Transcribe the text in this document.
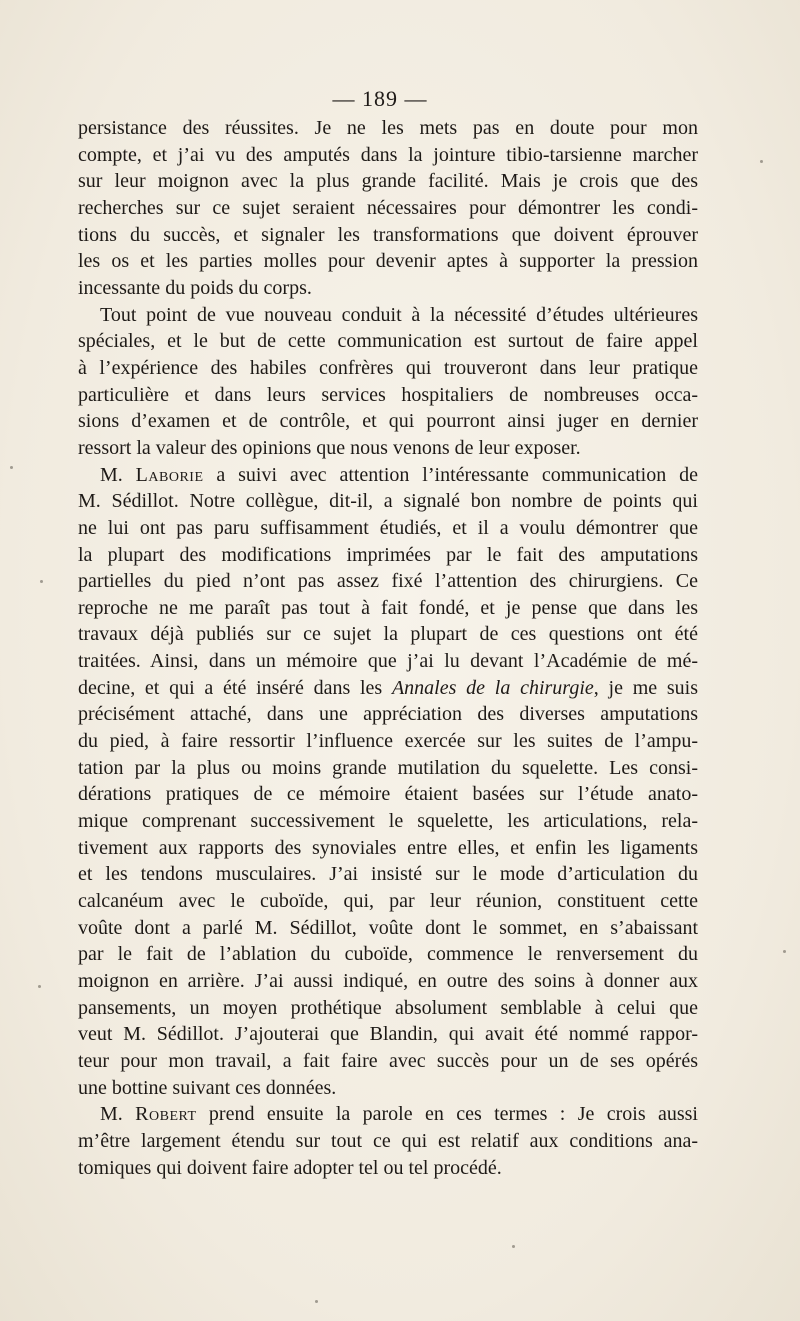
— 189 —

persistance des réussites. Je ne les mets pas en doute pour mon
compte, et j’ai vu des amputés dans la jointure tibio-tarsienne marcher
sur leur moignon avec la plus grande facilité. Mais je crois que des
recherches sur ce sujet seraient nécessaires pour démontrer les condi-
tions du succès, et signaler les transformations que doivent éprouver
les os et les parties molles pour devenir aptes à supporter la pression
incessante du poids du corps.

Tout point de vue nouveau conduit à la nécessité d’études ultérieures
spéciales, et le but de cette communication est surtout de faire appel
à l’expérience des habiles confrères qui trouveront dans leur pratique
particulière et dans leurs services hospitaliers de nombreuses occa-
sions d’examen et de contrôle, et qui pourront ainsi juger en dernier
ressort la valeur des opinions que nous venons de leur exposer.

M. Laborie a suivi avec attention l’intéressante communication de
M. Sédillot. Notre collègue, dit-il, a signalé bon nombre de points qui
ne lui ont pas paru suffisamment étudiés, et il a voulu démontrer que
la plupart des modifications imprimées par le fait des amputations
partielles du pied n’ont pas assez fixé l’attention des chirurgiens. Ce
reproche ne me paraît pas tout à fait fondé, et je pense que dans les
travaux déjà publiés sur ce sujet la plupart de ces questions ont été
traitées. Ainsi, dans un mémoire que j’ai lu devant l’Académie de mé-
decine, et qui a été inséré dans les Annales de la chirurgie, je me suis
précisément attaché, dans une appréciation des diverses amputations
du pied, à faire ressortir l’influence exercée sur les suites de l’ampu-
tation par la plus ou moins grande mutilation du squelette. Les consi-
dérations pratiques de ce mémoire étaient basées sur l’étude anato-
mique comprenant successivement le squelette, les articulations, rela-
tivement aux rapports des synoviales entre elles, et enfin les ligaments
et les tendons musculaires. J’ai insisté sur le mode d’articulation du
calcanéum avec le cuboïde, qui, par leur réunion, constituent cette
voûte dont a parlé M. Sédillot, voûte dont le sommet, en s’abaissant
par le fait de l’ablation du cuboïde, commence le renversement du
moignon en arrière. J’ai aussi indiqué, en outre des soins à donner aux
pansements, un moyen prothétique absolument semblable à celui que
veut M. Sédillot. J’ajouterai que Blandin, qui avait été nommé rappor-
teur pour mon travail, a fait faire avec succès pour un de ses opérés
une bottine suivant ces données.

M. Robert prend ensuite la parole en ces termes : Je crois aussi
m’être largement étendu sur tout ce qui est relatif aux conditions ana-
tomiques qui doivent faire adopter tel ou tel procédé.
